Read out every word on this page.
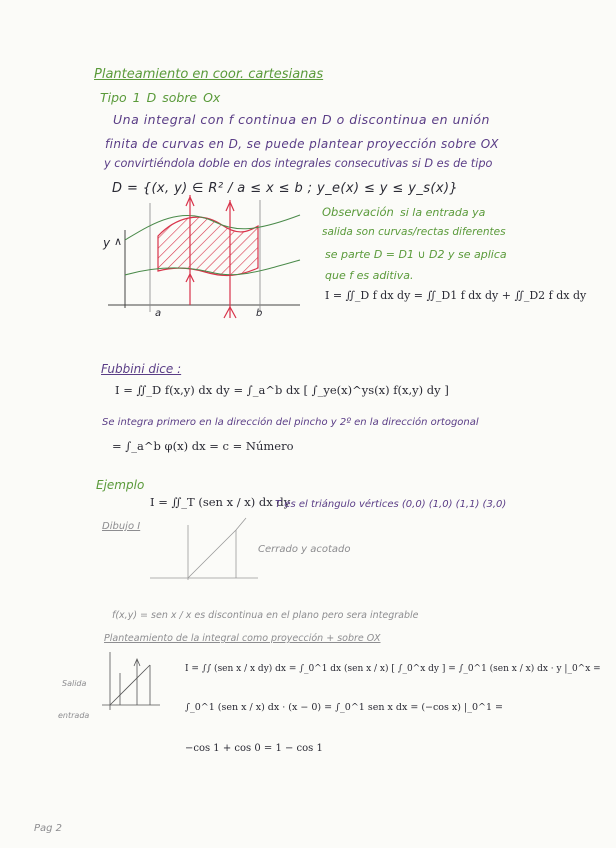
Planteamiento en coor. cartesianas
Tipo 1 D sobre Ox
Una integral con f continua en D o discontinua en unión
finita de curvas en D, se puede plantear proyección sobre OX
y convirtiéndola doble en dos integrales consecutivas si D es de tipo
D = {(x, y) ∈ R² / a ≤ x ≤ b ; y_e(x) ≤ y ≤ y_s(x)}
y ∧
a	b
Observación si la entrada ya
salida son curvas/rectas diferentes
se parte D = D1 ∪ D2 y se aplica
que f es aditiva.
I = ∬_D f dx dy = ∬_D1 f dx dy + ∬_D2 f dx dy
Fubbini dice :
I = ∬_D f(x,y) dx dy = ∫_a^b dx [ ∫_ye(x)^ys(x) f(x,y) dy ]
Se integra primero en la dirección del pincho y 2º en la dirección ortogonal
= ∫_a^b φ(x) dx = c = Número
Ejemplo
I = ∬_T (sen x / x) dx dy
T es el triángulo vértices (0,0) (1,0) (1,1) (3,0)
Dibujo I
Cerrado y acotado
f(x,y) = sen x / x es discontinua en el plano pero sera integrable
Planteamiento de la integral como proyección + sobre OX
Salida
entrada
I = ∫∫ (sen x / x dy) dx = ∫_0^1 dx (sen x / x) [ ∫_0^x dy ] = ∫_0^1 (sen x / x) dx · y |_0^x =
∫_0^1 (sen x / x) dx · (x − 0) = ∫_0^1 sen x dx = (−cos x) |_0^1 =
−cos 1 + cos 0 = 1 − cos 1
Pag 2
